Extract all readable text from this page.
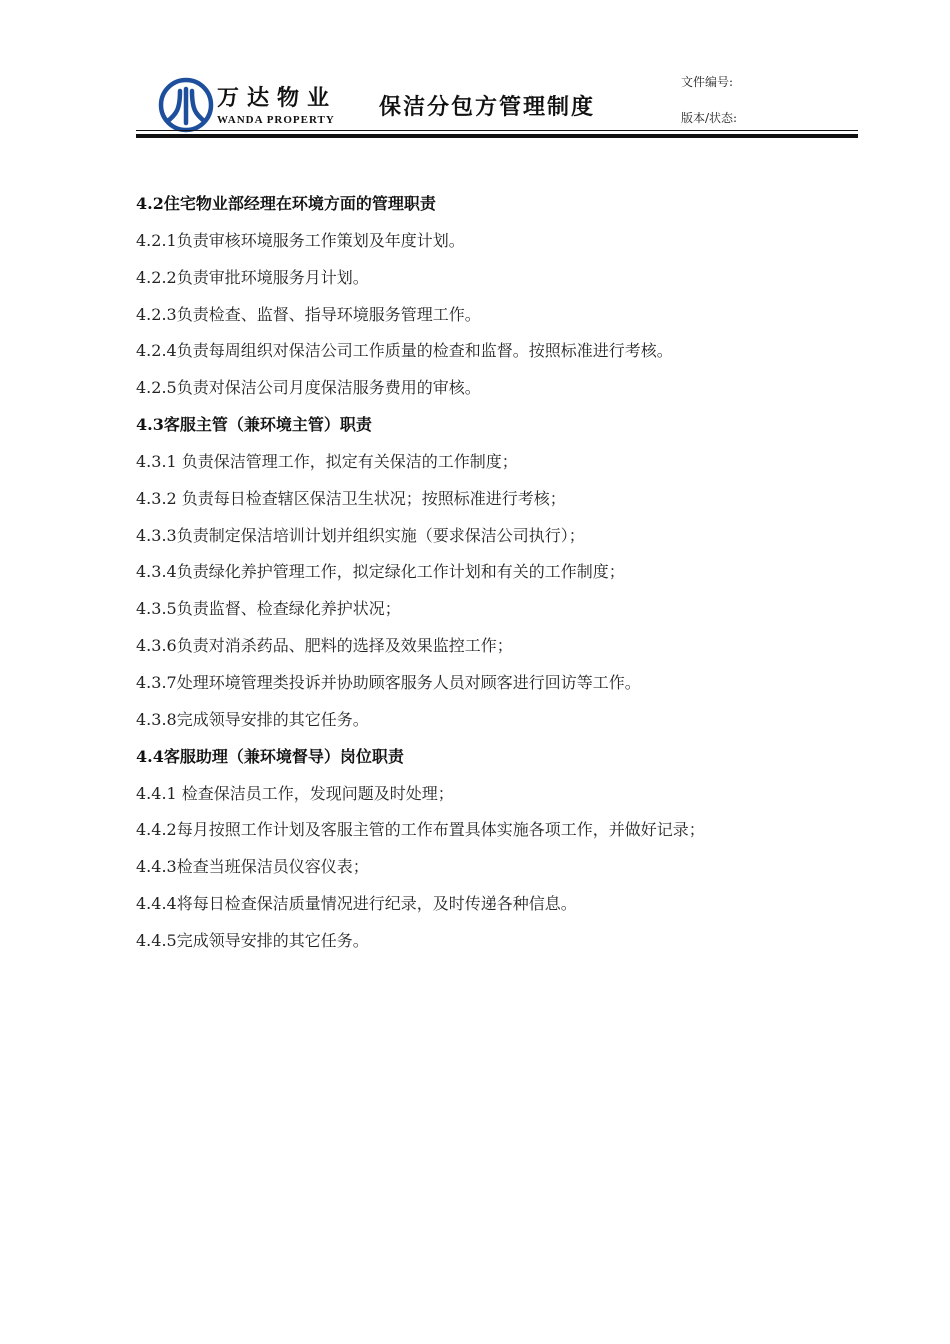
万达物业
WANDA PROPERTY 保洁分包方管理制度
文件编号:
版本/状态:
4.2住宅物业部经理在环境方面的管理职责
4.2.1负责审核环境服务工作策划及年度计划。
4.2.2负责审批环境服务月计划。
4.2.3负责检查、监督、指导环境服务管理工作。
4.2.4负责每周组织对保洁公司工作质量的检查和监督。按照标准进行考核。
4.2.5负责对保洁公司月度保洁服务费用的审核。
4.3客服主管（兼环境主管）职责
4.3.1 负责保洁管理工作，拟定有关保洁的工作制度；
4.3.2 负责每日检查辖区保洁卫生状况；按照标准进行考核；
4.3.3负责制定保洁培训计划并组织实施（要求保洁公司执行）；
4.3.4负责绿化养护管理工作，拟定绿化工作计划和有关的工作制度；
4.3.5负责监督、检查绿化养护状况；
4.3.6负责对消杀药品、肥料的选择及效果监控工作；
4.3.7处理环境管理类投诉并协助顾客服务人员对顾客进行回访等工作。
4.3.8完成领导安排的其它任务。
4.4客服助理（兼环境督导）岗位职责
4.4.1 检查保洁员工作，发现问题及时处理；
4.4.2每月按照工作计划及客服主管的工作布置具体实施各项工作，并做好记录；
4.4.3检查当班保洁员仪容仪表；
4.4.4将每日检查保洁质量情况进行纪录，及时传递各种信息。
4.4.5完成领导安排的其它任务。
